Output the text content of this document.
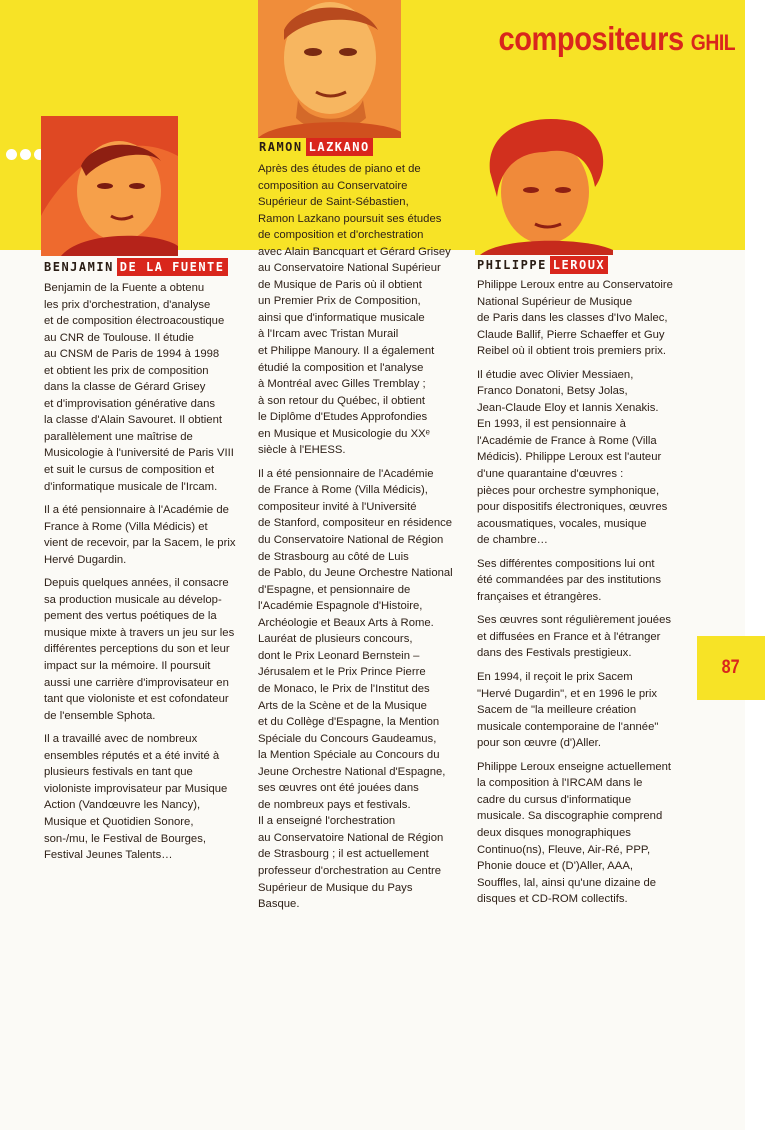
compositeurs GHIL
BENJAMIN DE LA FUENTE
RAMON LAZKANO
PHILIPPE LEROUX

Benjamin de la Fuente a obtenu
les prix d'orchestration, d'analyse
et de composition électroacoustique
au CNR de Toulouse. Il étudie
au CNSM de Paris de 1994 à 1998
et obtient les prix de composition
dans la classe de Gérard Grisey
et d'improvisation générative dans
la classe d'Alain Savouret. Il obtient
parallèlement une maîtrise de
Musicologie à l'université de Paris VIII
et suit le cursus de composition et
d'informatique musicale de l'Ircam.

Il a été pensionnaire à l'Académie de
France à Rome (Villa Médicis) et
vient de recevoir, par la Sacem, le prix
Hervé Dugardin.

Depuis quelques années, il consacre
sa production musicale au dévelop-
pement des vertus poétiques de la
musique mixte à travers un jeu sur les
différentes perceptions du son et leur
impact sur la mémoire. Il poursuit
aussi une carrière d'improvisateur en
tant que violoniste et est cofondateur
de l'ensemble Sphota.

Il a travaillé avec de nombreux
ensembles réputés et a été invité à
plusieurs festivals en tant que
violoniste improvisateur par Musique
Action (Vandœuvre les Nancy),
Musique et Quotidien Sonore,
son-/mu, le Festival de Bourges,
Festival Jeunes Talents…

Après des études de piano et de
composition au Conservatoire
Supérieur de Saint-Sébastien,
Ramon Lazkano poursuit ses études
de composition et d'orchestration
avec Alain Bancquart et Gérard Grisey
au Conservatoire National Supérieur
de Musique de Paris où il obtient
un Premier Prix de Composition,
ainsi que d'informatique musicale
à l'Ircam avec Tristan Murail
et Philippe Manoury. Il a également
étudié la composition et l'analyse
à Montréal avec Gilles Tremblay ;
à son retour du Québec, il obtient
le Diplôme d'Etudes Approfondies
en Musique et Musicologie du XXᵉ
siècle à l'EHESS.

Il a été pensionnaire de l'Académie
de France à Rome (Villa Médicis),
compositeur invité à l'Université
de Stanford, compositeur en résidence
du Conservatoire National de Région
de Strasbourg au côté de Luis
de Pablo, du Jeune Orchestre National
d'Espagne, et pensionnaire de
l'Académie Espagnole d'Histoire,
Archéologie et Beaux Arts à Rome.
Lauréat de plusieurs concours,
dont le Prix Leonard Bernstein –
Jérusalem et le Prix Prince Pierre
de Monaco, le Prix de l'Institut des
Arts de la Scène et de la Musique
et du Collège d'Espagne, la Mention
Spéciale du Concours Gaudeamus,
la Mention Spéciale au Concours du
Jeune Orchestre National d'Espagne,
ses œuvres ont été jouées dans
de nombreux pays et festivals.

Il a enseigné l'orchestration
au Conservatoire National de Région
de Strasbourg ; il est actuellement
professeur d'orchestration au Centre
Supérieur de Musique du Pays Basque.

Philippe Leroux entre au Conservatoire
National Supérieur de Musique
de Paris dans les classes d'Ivo Malec,
Claude Ballif, Pierre Schaeffer et Guy
Reibel où il obtient trois premiers prix.

Il étudie avec Olivier Messiaen,
Franco Donatoni, Betsy Jolas,
Jean-Claude Eloy et Iannis Xenakis.
En 1993, il est pensionnaire à
l'Académie de France à Rome (Villa
Médicis). Philippe Leroux est l'auteur
d'une quarantaine d'œuvres :
pièces pour orchestre symphonique,
pour dispositifs électroniques, œuvres
acousmatiques, vocales, musique
de chambre…

Ses différentes compositions lui ont
été commandées par des institutions
françaises et étrangères.

Ses œuvres sont régulièrement jouées
et diffusées en France et à l'étranger
dans des Festivals prestigieux.

En 1994, il reçoit le prix Sacem
"Hervé Dugardin", et en 1996 le prix
Sacem de "la meilleure création
musicale contemporaine de l'année"
pour son œuvre (d')Aller.

Philippe Leroux enseigne actuellement
la composition à l'IRCAM dans le
cadre du cursus d'informatique
musicale. Sa discographie comprend
deux disques monographiques
Continuo(ns), Fleuve, Air-Ré, PPP,
Phonie douce et (D')Aller, AAA,
Souffles, lal, ainsi qu'une dizaine de
disques et CD-ROM collectifs.

87
